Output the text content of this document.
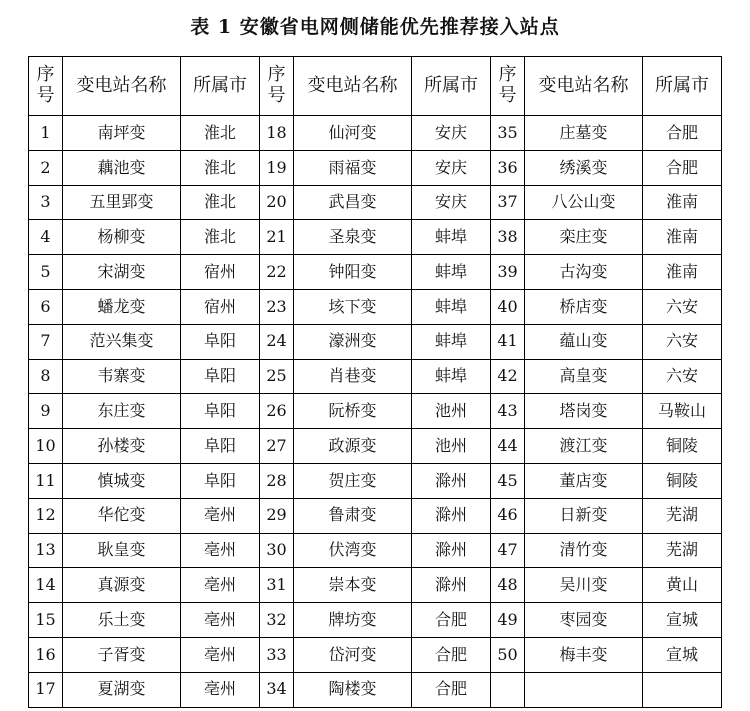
表 1 安徽省电网侧储能优先推荐接入站点
序号	变电站名称	所属市	序号	变电站名称	所属市	序号	变电站名称	所属市
1	南坪变	淮北	18	仙河变	安庆	35	庄墓变	合肥
2	藕池变	淮北	19	雨福变	安庆	36	绣溪变	合肥
3	五里郢变	淮北	20	武昌变	安庆	37	八公山变	淮南
4	杨柳变	淮北	21	圣泉变	蚌埠	38	栾庄变	淮南
5	宋湖变	宿州	22	钟阳变	蚌埠	39	古沟变	淮南
6	蟠龙变	宿州	23	垓下变	蚌埠	40	桥店变	六安
7	范兴集变	阜阳	24	濠洲变	蚌埠	41	蕴山变	六安
8	韦寨变	阜阳	25	肖巷变	蚌埠	42	高皇变	六安
9	东庄变	阜阳	26	阮桥变	池州	43	塔岗变	马鞍山
10	孙楼变	阜阳	27	政源变	池州	44	渡江变	铜陵
11	慎城变	阜阳	28	贺庄变	滁州	45	董店变	铜陵
12	华佗变	亳州	29	鲁肃变	滁州	46	日新变	芜湖
13	耿皇变	亳州	30	伏湾变	滁州	47	清竹变	芜湖
14	真源变	亳州	31	崇本变	滁州	48	吴川变	黄山
15	乐土变	亳州	32	牌坊变	合肥	49	枣园变	宣城
16	子胥变	亳州	33	岱河变	合肥	50	梅丰变	宣城
17	夏湖变	亳州	34	陶楼变	合肥			
